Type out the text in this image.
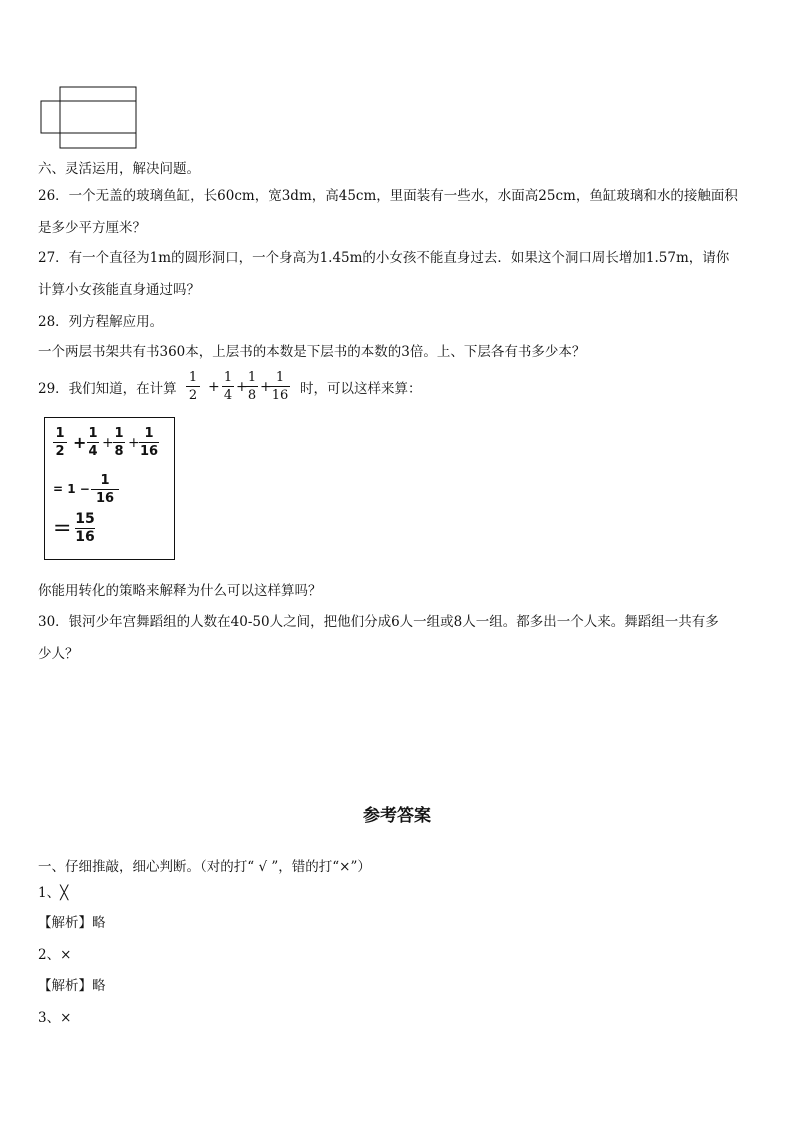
六、灵活运用，解决问题。
26．一个无盖的玻璃鱼缸，长60cm，宽3dm，高45cm，里面装有一些水，水面高25cm，鱼缸玻璃和水的接触面积
是多少平方厘米？
27．有一个直径为1m的圆形洞口，一个身高为1.45m的小女孩不能直身过去．如果这个洞口周长增加1.57m，请你
计算小女孩能直身通过吗？
28．列方程解应用。
一个两层书架共有书360本，上层书的本数是下层书的本数的3倍。上、下层各有书多少本？
29．我们知道，在计算
1
2
+
1
4
+
1
8
+
1
16 时，可以这样来算：
1
2 + 1
4
+
1
8
+
1
16
= 1 −
1
16
= 15
16
你能用转化的策略来解释为什么可以这样算吗？
30．银河少年宫舞蹈组的人数在40-50人之间，把他们分成6人一组或8人一组。都多出一个人来。舞蹈组一共有多
少人？
参考答案
一、仔细推敲，细心判断。（对的打“ √ ”，错的打“×”）
1、╳
【解析】略
2、×
【解析】略
3、×
